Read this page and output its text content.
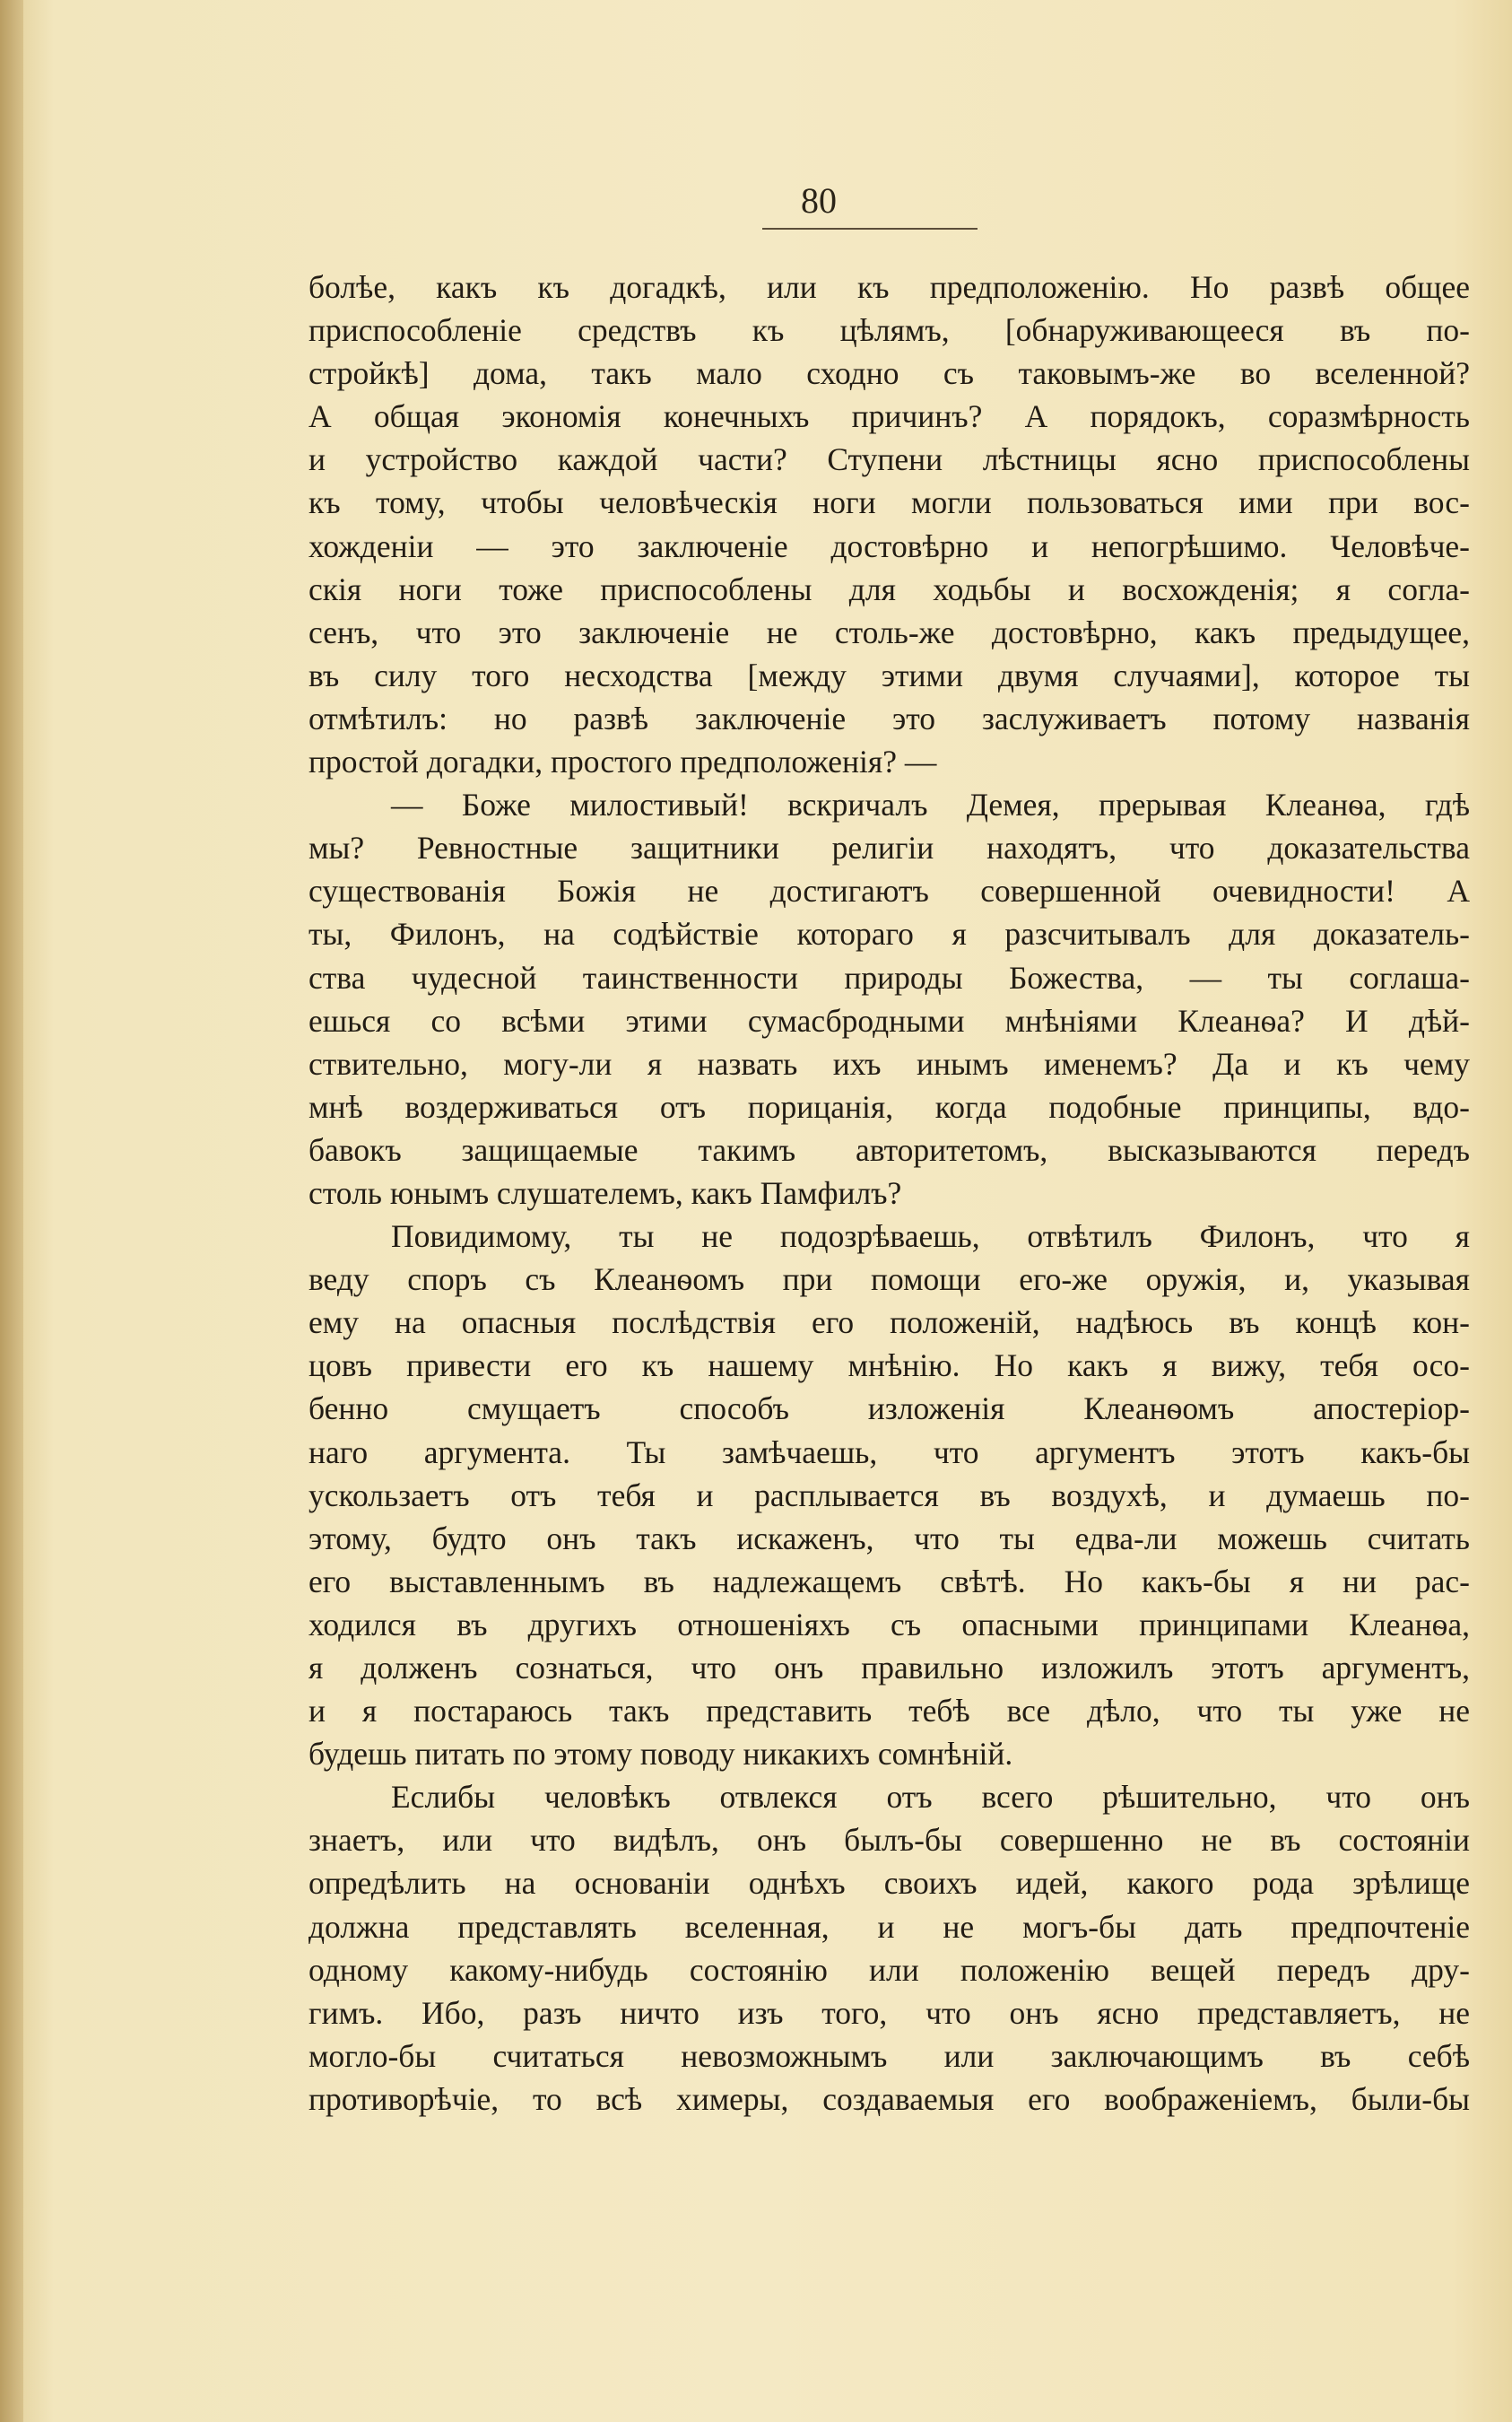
80
болѣе, какъ къ догадкѣ, или къ предположенію. Но развѣ общее
приспособленіе средствъ къ цѣлямъ, [обнаруживающееся въ по-
стройкѣ] дома, такъ мало сходно съ таковымъ-же во вселенной?
А общая экономія конечныхъ причинъ? А порядокъ, соразмѣрность
и устройство каждой части? Ступени лѣстницы ясно приспособлены
къ тому, чтобы человѣческія ноги могли пользоваться ими при вос-
хожденіи — это заключеніе достовѣрно и непогрѣшимо. Человѣче-
скія ноги тоже приспособлены для ходьбы и восхожденія; я согла-
сенъ, что это заключеніе не столь-же достовѣрно, какъ предыдущее,
въ силу того несходства [между этими двумя случаями], которое ты
отмѣтилъ: но развѣ заключеніе это заслуживаетъ потому названія
простой догадки, простого предположенія? —
— Боже милостивый! вскричалъ Демея, прерывая Клеанѳа, гдѣ
мы? Ревностные защитники религіи находятъ, что доказательства
существованія Божія не достигаютъ совершенной очевидности! А
ты, Филонъ, на содѣйствіе котораго я разсчитывалъ для доказатель-
ства чудесной таинственности природы Божества, — ты соглаша-
ешься со всѣми этими сумасбродными мнѣніями Клеанѳа? И дѣй-
ствительно, могу-ли я назвать ихъ инымъ именемъ? Да и къ чему
мнѣ воздерживаться отъ порицанія, когда подобные принципы, вдо-
бавокъ защищаемые такимъ авторитетомъ, высказываются передъ
столь юнымъ слушателемъ, какъ Памфилъ?
Повидимому, ты не подозрѣваешь, отвѣтилъ Филонъ, что я
веду споръ съ Клеанѳомъ при помощи его-же оружія, и, указывая
ему на опасныя послѣдствія его положеній, надѣюсь въ концѣ кон-
цовъ привести его къ нашему мнѣнію. Но какъ я вижу, тебя осо-
бенно смущаетъ способъ изложенія Клеанѳомъ апостеріор-
наго аргумента. Ты замѣчаешь, что аргументъ этотъ какъ-бы
ускользаетъ отъ тебя и расплывается въ воздухѣ, и думаешь по-
этому, будто онъ такъ искаженъ, что ты едва-ли можешь считать
его выставленнымъ въ надлежащемъ свѣтѣ. Но какъ-бы я ни рас-
ходился въ другихъ отношеніяхъ съ опасными принципами Клеанѳа,
я долженъ сознаться, что онъ правильно изложилъ этотъ аргументъ,
и я постараюсь такъ представить тебѣ все дѣло, что ты уже не
будешь питать по этому поводу никакихъ сомнѣній.
Еслибы человѣкъ отвлекся отъ всего рѣшительно, что онъ
знаетъ, или что видѣлъ, онъ былъ-бы совершенно не въ состояніи
опредѣлить на основаніи однѣхъ своихъ идей, какого рода зрѣлище
должна представлять вселенная, и не могъ-бы дать предпочтеніе
одному какому-нибудь состоянію или положенію вещей передъ дру-
гимъ. Ибо, разъ ничто изъ того, что онъ ясно представляетъ, не
могло-бы считаться невозможнымъ или заключающимъ въ себѣ
противорѣчіе, то всѣ химеры, создаваемыя его воображеніемъ, были-бы
